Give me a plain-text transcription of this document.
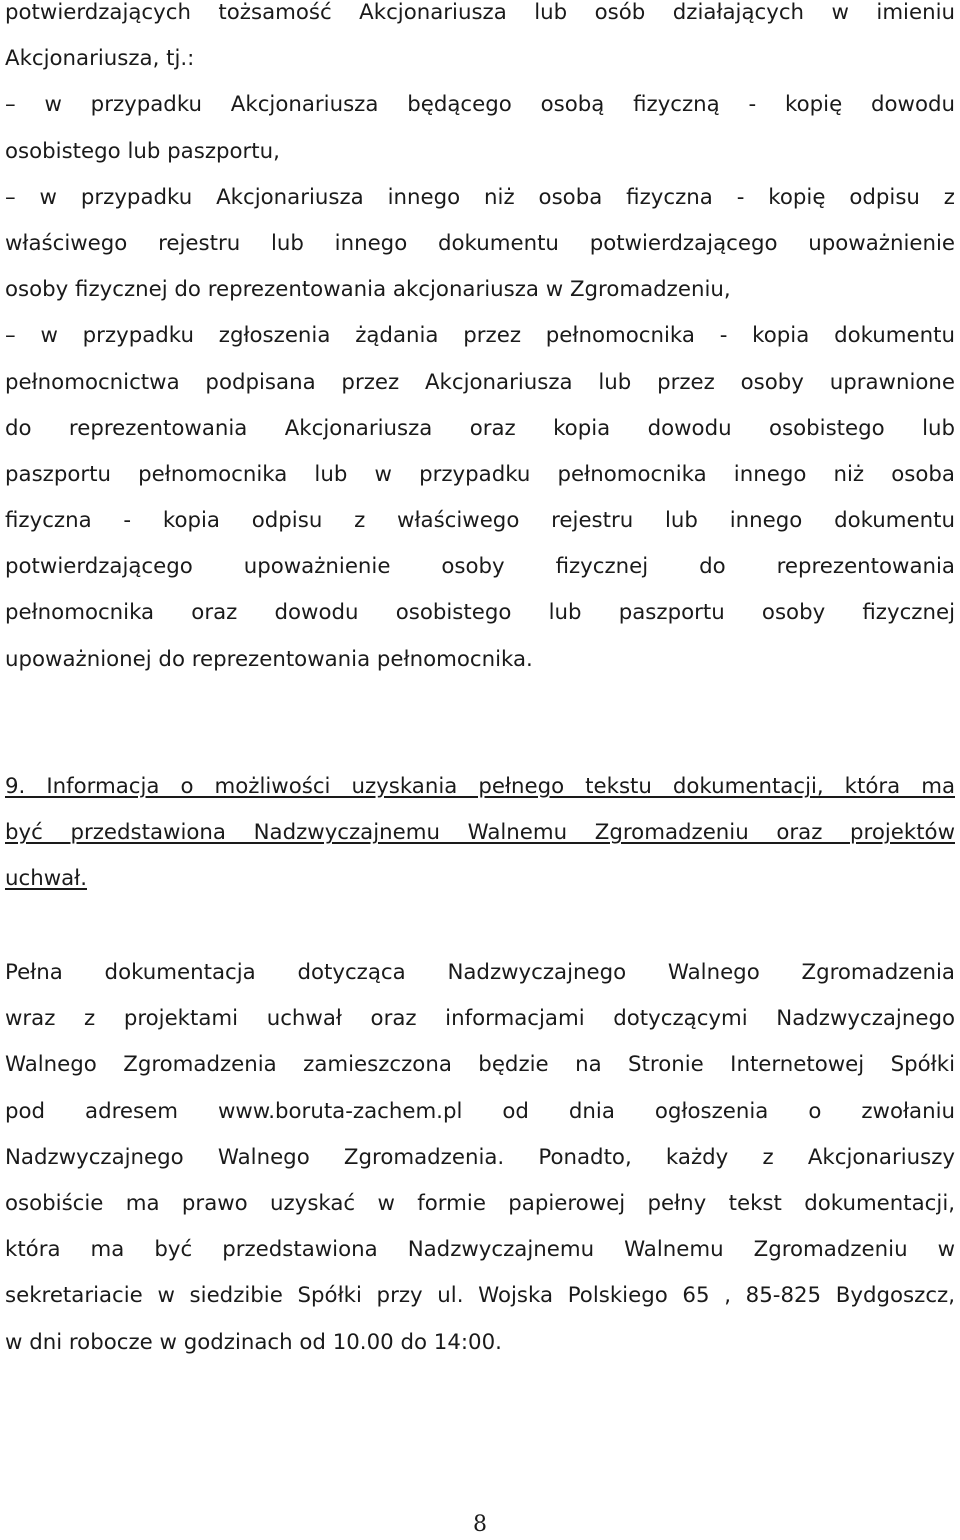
potwierdzających tożsamość Akcjonariusza lub osób działających w imieniu
Akcjonariusza, tj.:
– w przypadku Akcjonariusza będącego osobą fizyczną - kopię dowodu
osobistego lub paszportu,
– w przypadku Akcjonariusza innego niż osoba fizyczna - kopię odpisu z
właściwego rejestru lub innego dokumentu potwierdzającego upoważnienie
osoby fizycznej do reprezentowania akcjonariusza w Zgromadzeniu,
– w przypadku zgłoszenia żądania przez pełnomocnika - kopia dokumentu
pełnomocnictwa podpisana przez Akcjonariusza lub przez osoby uprawnione
do reprezentowania Akcjonariusza oraz kopia dowodu osobistego lub
paszportu pełnomocnika lub w przypadku pełnomocnika innego niż osoba
fizyczna - kopia odpisu z właściwego rejestru lub innego dokumentu
potwierdzającego upoważnienie osoby fizycznej do reprezentowania
pełnomocnika oraz dowodu osobistego lub paszportu osoby fizycznej
upoważnionej do reprezentowania pełnomocnika.
9. Informacja o możliwości uzyskania pełnego tekstu dokumentacji, która ma
być przedstawiona Nadzwyczajnemu Walnemu Zgromadzeniu oraz projektów
uchwał.
Pełna dokumentacja dotycząca Nadzwyczajnego Walnego Zgromadzenia
wraz z projektami uchwał oraz informacjami dotyczącymi Nadzwyczajnego
Walnego Zgromadzenia zamieszczona będzie na Stronie Internetowej Spółki
pod adresem www.boruta-zachem.pl od dnia ogłoszenia o zwołaniu
Nadzwyczajnego Walnego Zgromadzenia. Ponadto, każdy z Akcjonariuszy
osobiście ma prawo uzyskać w formie papierowej pełny tekst dokumentacji,
która ma być przedstawiona Nadzwyczajnemu Walnemu Zgromadzeniu w
sekretariacie w siedzibie Spółki przy ul. Wojska Polskiego 65 , 85-825 Bydgoszcz,
w dni robocze w godzinach od 10.00 do 14:00.
8
